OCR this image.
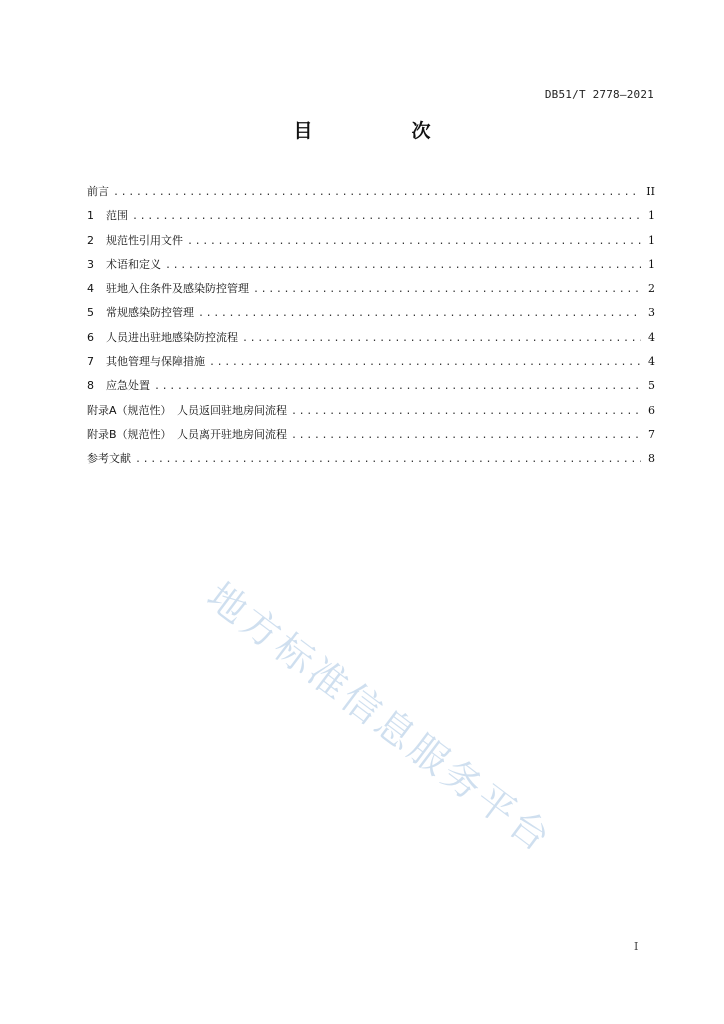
DB51/T 2778—2021
目　次
前言 .....	II
1	范围 .....	1
2	规范性引用文件 .....	1
3	术语和定义 .....	1
4	驻地入住条件及感染防控管理 .....	2
5	常规感染防控管理 .....	3
6	人员进出驻地感染防控流程 .....	4
7	其他管理与保障措施 .....	4
8	应急处置 .....	5
附录A（规范性）　人员返回驻地房间流程 .....	6
附录B（规范性）　人员离开驻地房间流程 .....	7
参考文献 .....	8
地方标准信息服务平台
I
